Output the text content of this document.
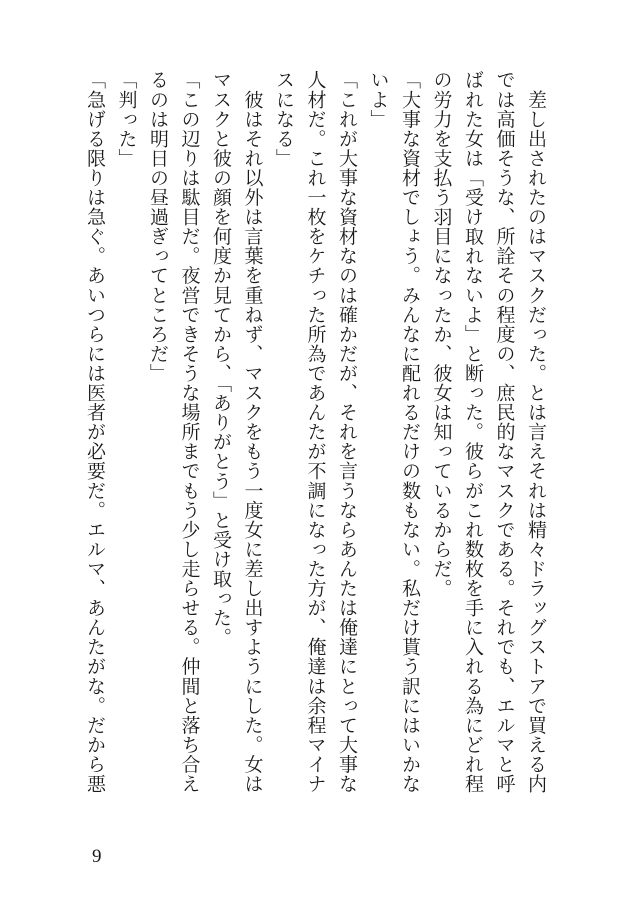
　差し出されたのはマスクだった。とは言えそれは精々ドラッグストアで買える内
では高価そうな、所詮その程度の、庶民的なマスクである。それでも、エルマと呼
ばれた女は「受け取れないよ」と断った。彼らがこれ数枚を手に入れる為にどれ程
の労力を支払う羽目になったか、彼女は知っているからだ。
「大事な資材でしょう。みんなに配れるだけの数もない。私だけ貰う訳にはいかな
いよ」
「これが大事な資材なのは確かだが、それを言うならあんたは俺達にとって大事な
人材だ。これ一枚をケチった所為であんたが不調になった方が、俺達は余程マイナ
スになる」
　彼はそれ以外は言葉を重ねず、マスクをもう一度女に差し出すようにした。女は
マスクと彼の顔を何度か見てから、「ありがとう」と受け取った。
「この辺りは駄目だ。夜営できそうな場所までもう少し走らせる。仲間と落ち合え
るのは明日の昼過ぎってところだ」
「判った」
「急げる限りは急ぐ。あいつらには医者が必要だ。エルマ、あんたがな。だから悪
9
